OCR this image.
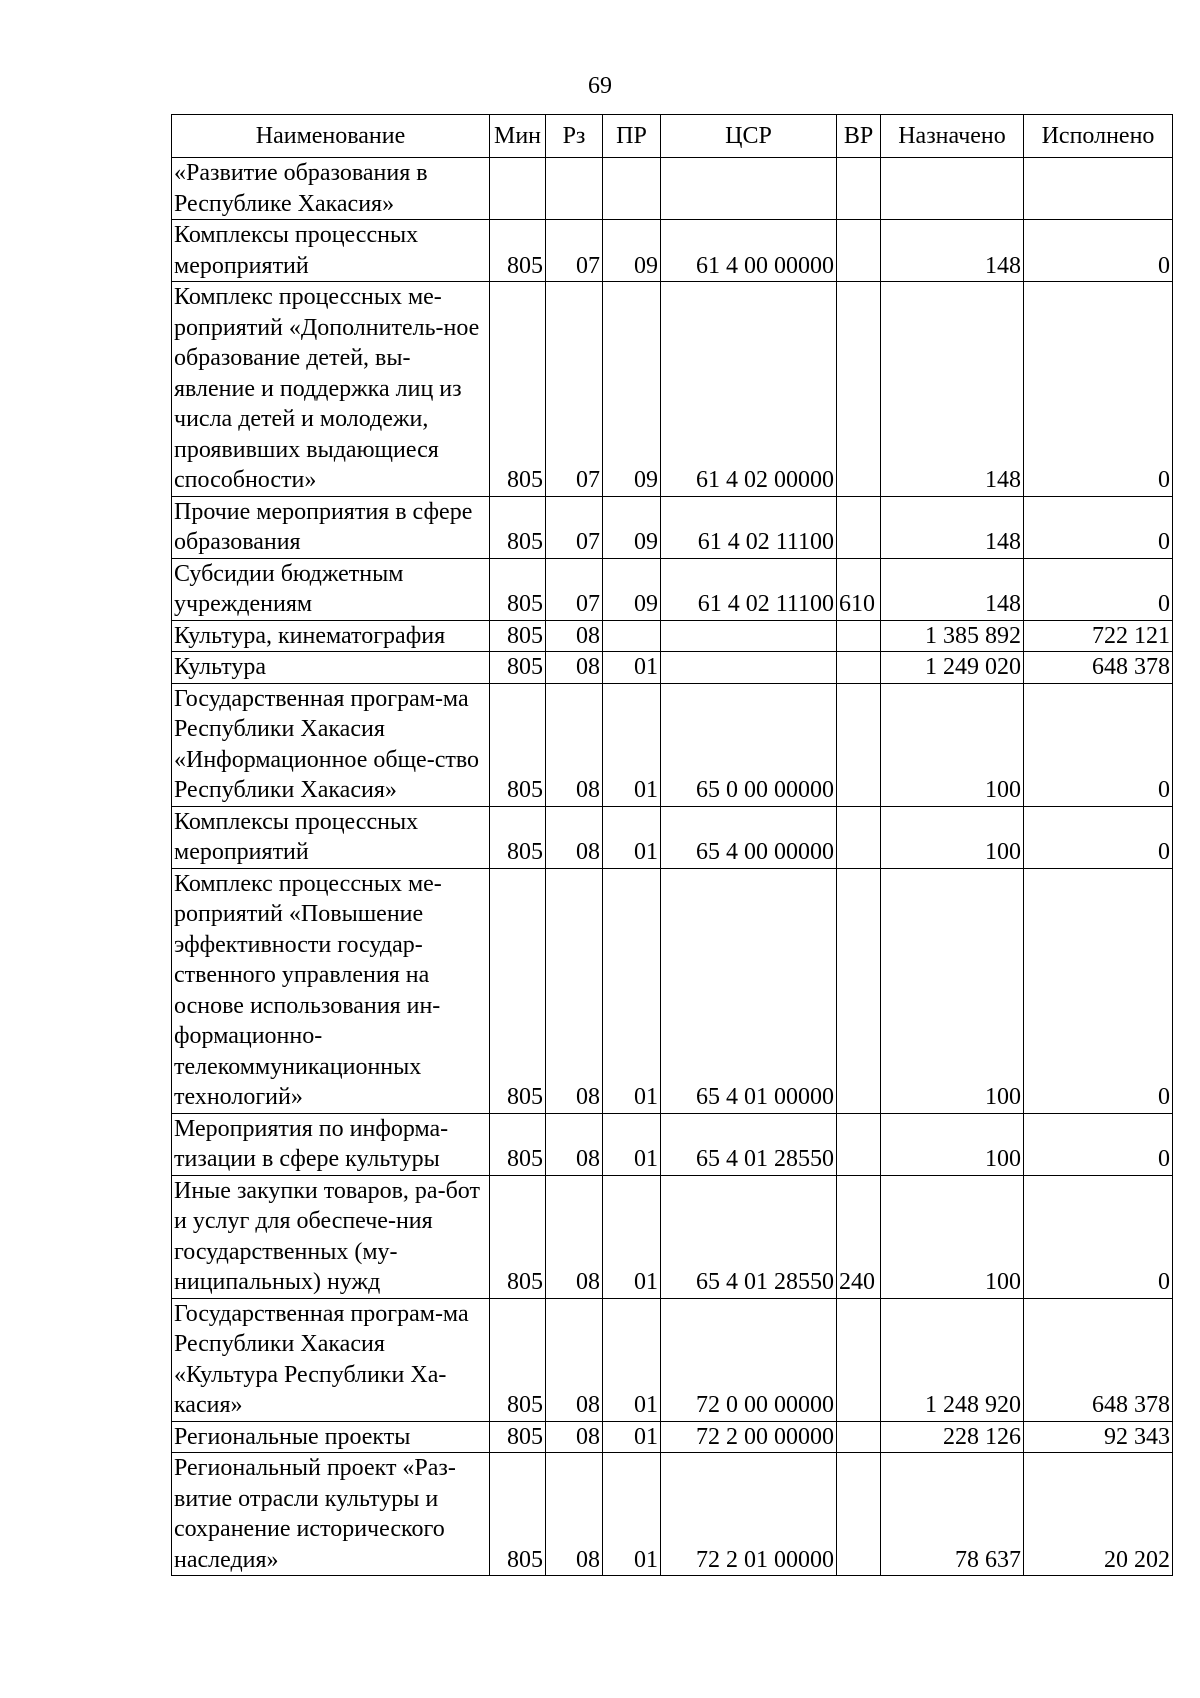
69
Наименование	Мин	Рз	ПР	ЦСР	ВР	Назначено	Исполнено
«Развитие образования в Республике Хакасия»							
Комплексы процессных мероприятий	805	07	09	61 4 00 00000		148	0
Комплекс процессных ме-роприятий «Дополнитель-ное образование детей, вы-явление и поддержка лиц из числа детей и молодежи, проявивших выдающиеся способности»	805	07	09	61 4 02 00000		148	0
Прочие мероприятия в сфере образования	805	07	09	61 4 02 11100		148	0
Субсидии бюджетным учреждениям	805	07	09	61 4 02 11100	610	148	0
Культура, кинематография	805	08				1 385 892	722 121
Культура	805	08	01			1 249 020	648 378
Государственная програм-ма Республики Хакасия «Информационное обще-ство Республики Хакасия»	805	08	01	65 0 00 00000		100	0
Комплексы процессных мероприятий	805	08	01	65 4 00 00000		100	0
Комплекс процессных ме-роприятий «Повышение эффективности государ-ственного управления на основе использования ин-формационно-телекоммуникационных технологий»	805	08	01	65 4 01 00000		100	0
Мероприятия по информа-тизации в сфере культуры	805	08	01	65 4 01 28550		100	0
Иные закупки товаров, ра-бот и услуг для обеспече-ния государственных (му-ниципальных) нужд	805	08	01	65 4 01 28550	240	100	0
Государственная програм-ма Республики Хакасия «Культура Республики Ха-касия»	805	08	01	72 0 00 00000		1 248 920	648 378
Региональные проекты	805	08	01	72 2 00 00000		228 126	92 343
Региональный проект «Раз-витие отрасли культуры и сохранение исторического наследия»	805	08	01	72 2 01 00000		78 637	20 202
